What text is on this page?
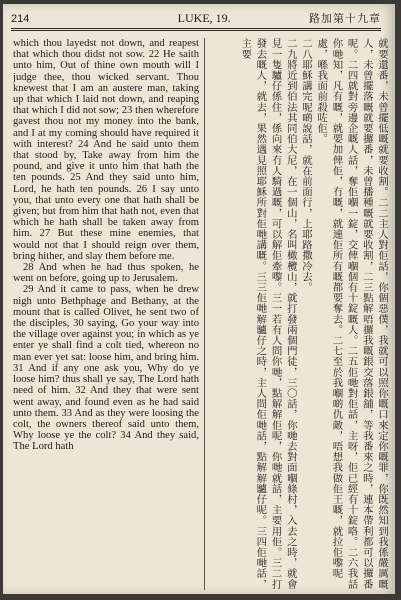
214	LUKE, 19.	路加第十九章

which thou layedst not down, and reapest that which thou didst not sow. 22 He saith unto him, Out of thine own mouth will I judge thee, thou wicked servant. Thou knewest that I am an austere man, taking up that which I laid not down, and reaping that which I did not sow; 23 then wherefore gavest thou not my money into the bank, and I at my coming should have required it with interest? 24 And he said unto them that stood by, Take away from him the pound, and give it unto him that hath the ten pounds. 25 And they said unto him, Lord, he hath ten pounds. 26 I say unto you, that unto every one that hath shall be given; but from him that hath not, even that which he hath shall be taken away from him. 27 But these mine enemies, that would not that I should reign over them, bring hither, and slay them before me.

28 And when he had thus spoken, he went on before, going up to Jerusalem.

29 And it came to pass, when he drew nigh unto Bethphage and Bethany, at the mount that is called Olivet, he sent two of the disciples, 30 saying, Go your way into the village over against you; in which as ye enter ye shall find a colt tied, whereon no man ever yet sat: loose him, and bring him. 31 And if any one ask you, Why do ye loose him? thus shall ye say, The Lord hath need of him. 32 And they that were sent went away, and found even as he had said unto them. 33 And as they were loosing the colt, the owners thereof said unto them, Why loose ye the colt? 34 And they said, The Lord hath	就要還番，未曾擺低嘅就要收割。二二主人對佢話，你個惡僕，我就可以照你嘅口來定你嘅罪，你既然知到我係嚴厲嘅人，未曾擺落嘅就要攞番，未曾播種嘅就要收割，二三點解唔攞我嘅銀交落銀舖，等我番來之時，連本帶利都可以攞番呢。二四就對旁邊企嘅人話，奪佢嗰一錠，交俾嗰個有十錠嘅人。二五佢哋對佢話，主呀，佢已經有十錠咯。二六我話你哋知，凡有嘅，就要加俾佢，冇嘅，就連佢所有嘅都要奪去。二七至於我嗰啲仇敵，唔想我做佢王嘅，就拉佢嚟呢處，喺我面前殺咗佢。

二八耶穌講完呢啲說話，就在前面行，上耶路撒冷去。

二九將近到伯法其同伯大尼，在一個山，名叫橄欖山，就打發兩個門徒，三〇話，你哋去對面嗰條村，入去之時，就會見一隻驢仔係住，係向來冇人騎過嘅，可以解佢牽嚟。三一若有人問你哋，點解解佢呢，你哋就話，主要用佢。三二打發去嘅人，就去，果然遇見照耶穌所對佢哋講嘅。三三佢哋解驢仔之時，主人問佢哋話，點解解驢仔呢。三四佢哋話，主要
